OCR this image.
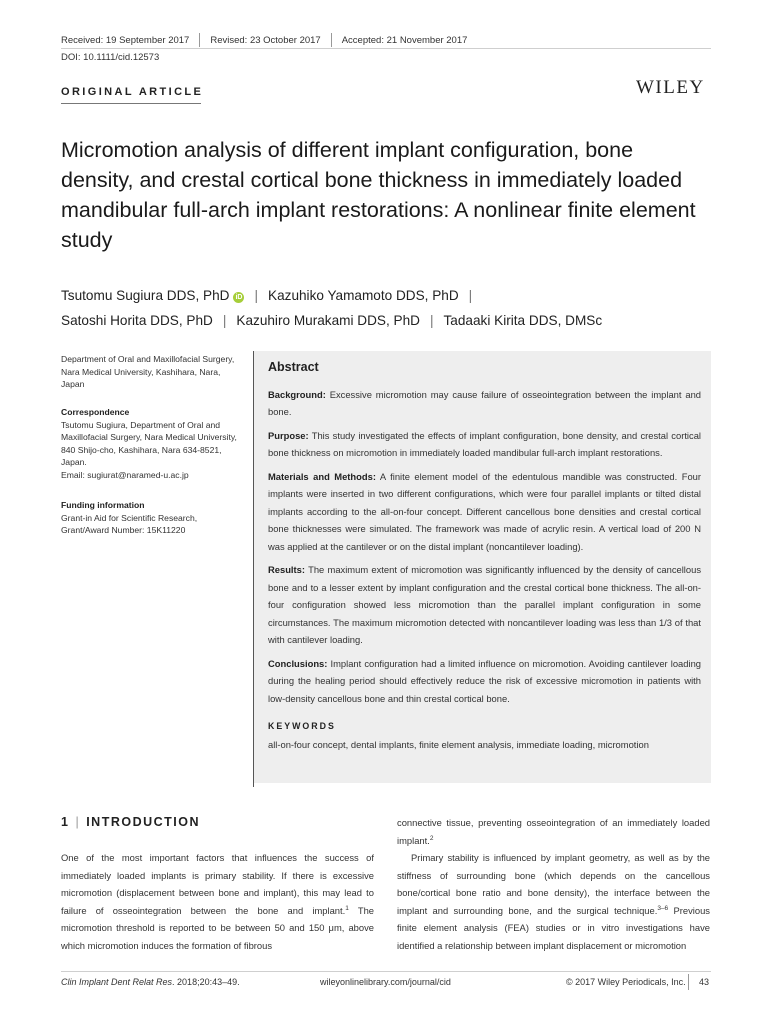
Received: 19 September 2017 Revised: 23 October 2017 Accepted: 21 November 2017
DOI: 10.1111/cid.12573
ORIGINAL ARTICLE	WILEY
Micromotion analysis of different implant configuration, bone density, and crestal cortical bone thickness in immediately loaded mandibular full-arch implant restorations: A nonlinear finite element study
Tsutomu Sugiura DDS, PhD iD | Kazuhiko Yamamoto DDS, PhD |
Satoshi Horita DDS, PhD | Kazuhiro Murakami DDS, PhD | Tadaaki Kirita DDS, DMSc
Department of Oral and Maxillofacial Surgery, Nara Medical University, Kashihara, Nara, Japan
Correspondence
Tsutomu Sugiura, Department of Oral and Maxillofacial Surgery, Nara Medical University, 840 Shijo-cho, Kashihara, Nara 634-8521, Japan.
Email: sugiurat@naramed-u.ac.jp
Funding information
Grant-in Aid for Scientific Research, Grant/Award Number: 15K11220
Abstract

Background: Excessive micromotion may cause failure of osseointegration between the implant and bone.

Purpose: This study investigated the effects of implant configuration, bone density, and crestal cortical bone thickness on micromotion in immediately loaded mandibular full-arch implant restorations.

Materials and Methods: A finite element model of the edentulous mandible was constructed. Four implants were inserted in two different configurations, which were four parallel implants or tilted distal implants according to the all-on-four concept. Different cancellous bone densities and crestal cortical bone thicknesses were simulated. The framework was made of acrylic resin. A vertical load of 200 N was applied at the cantilever or on the distal implant (noncantilever loading).

Results: The maximum extent of micromotion was significantly influenced by the density of cancellous bone and to a lesser extent by implant configuration and the crestal cortical bone thickness. The all-on-four configuration showed less micromotion than the parallel implant configuration in some circumstances. The maximum micromotion detected with noncantilever loading was less than 1/3 of that with cantilever loading.

Conclusions: Implant configuration had a limited influence on micromotion. Avoiding cantilever loading during the healing period should effectively reduce the risk of excessive micromotion in patients with low-density cancellous bone and thin crestal cortical bone.

KEYWORDS

all-on-four concept, dental implants, finite element analysis, immediate loading, micromotion

1 | INTRODUCTION

One of the most important factors that influences the success of immediately loaded implants is primary stability. If there is excessive micromotion (displacement between bone and implant), this may lead to failure of osseointegration between the bone and implant.$^1$ The micromotion threshold is reported to be between 50 and 150 μm, above which micromotion induces the formation of fibrous

connective tissue, preventing osseointegration of an immediately loaded implant.$^2$

Primary stability is influenced by implant geometry, as well as by the stiffness of surrounding bone (which depends on the cancellous bone/cortical bone ratio and bone density), the interface between the implant and surrounding bone, and the surgical technique.$^{3-6}$ Previous finite element analysis (FEA) studies or in vitro investigations have identified a relationship between implant displacement or micromotion

Clin Implant Dent Relat Res. 2018;20:43–49.	wileyonlinelibrary.com/journal/cid	© 2017 Wiley Periodicals, Inc. 43
